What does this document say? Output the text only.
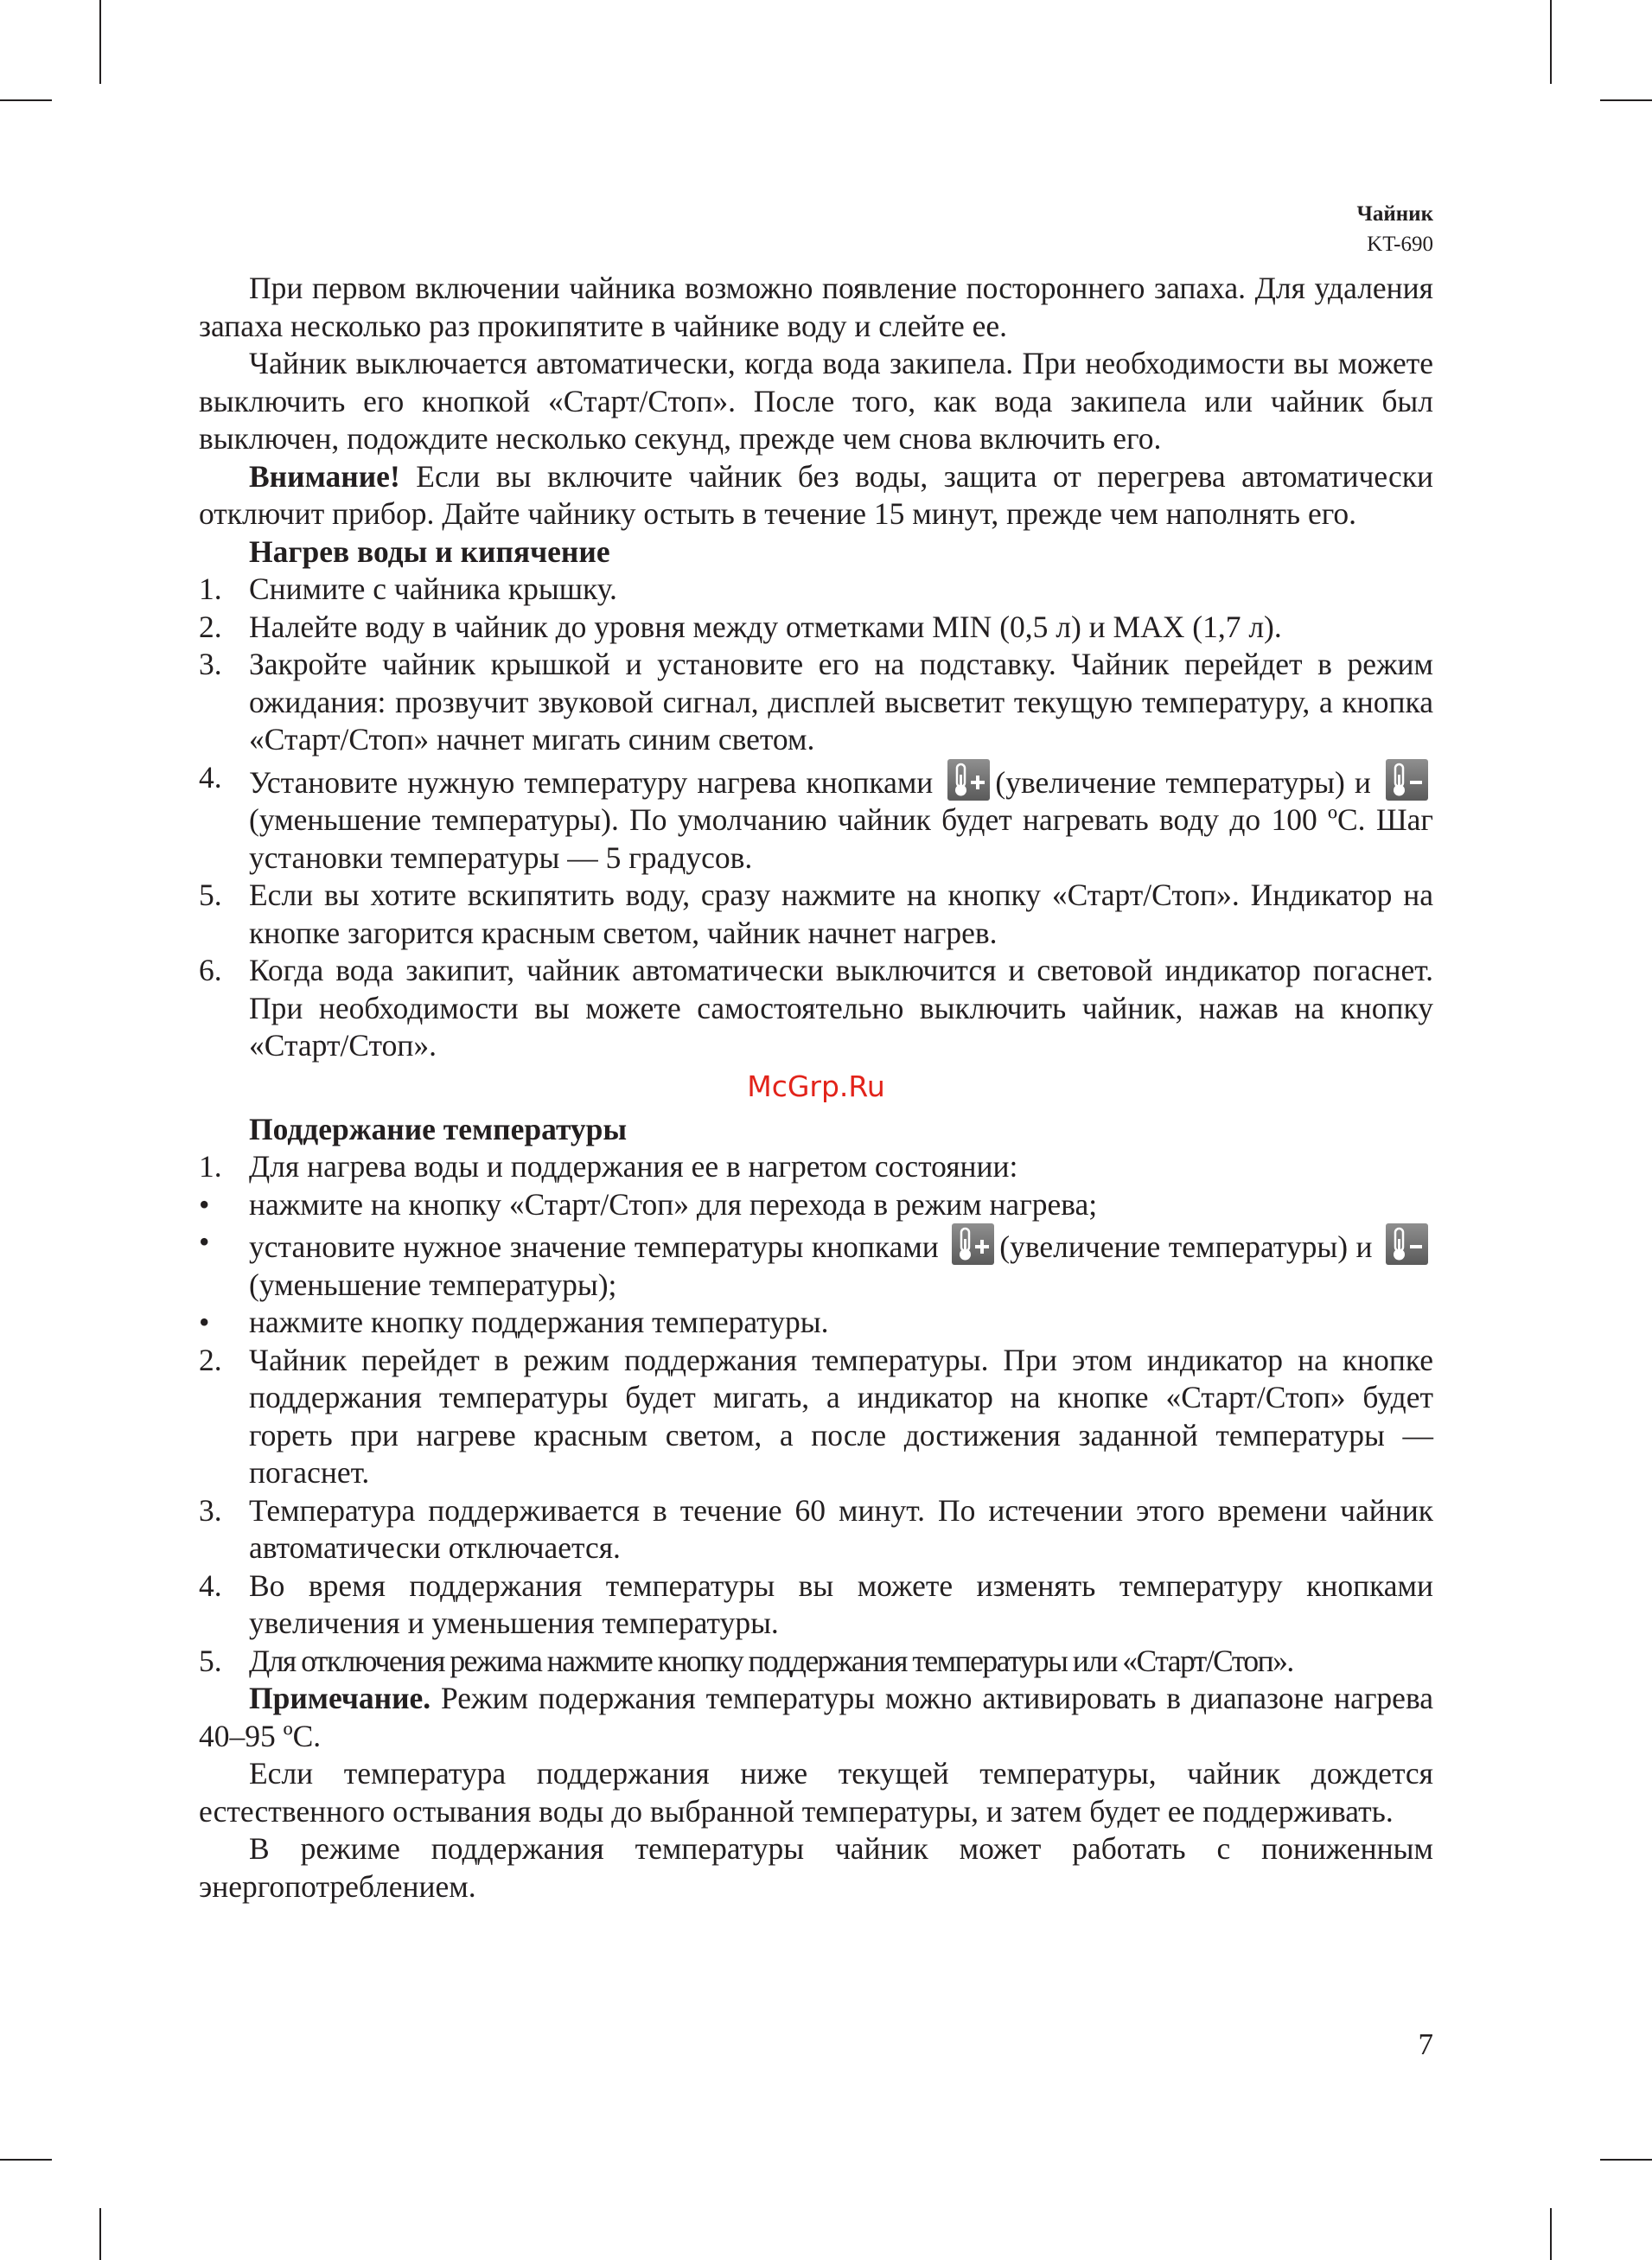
Чайник
KT-690

При первом включении чайника возможно появление постороннего запаха. Для удаления запаха несколько раз прокипятите в чайнике воду и слейте ее.

Чайник выключается автоматически, когда вода закипела. При необходимости вы можете выключить его кнопкой «Старт/Стоп». После того, как вода закипела или чайник был выключен, подождите несколько секунд, прежде чем снова включить его.

Внимание! Если вы включите чайник без воды, защита от перегрева автоматически отключит прибор. Дайте чайнику остыть в течение 15 минут, прежде чем наполнять его.

Нагрев воды и кипячение
1. Снимите с чайника крышку.
2. Налейте воду в чайник до уровня между отметками MIN (0,5 л) и MAX (1,7 л).
3. Закройте чайник крышкой и установите его на подставку. Чайник перейдет в режим ожидания: прозвучит звуковой сигнал, дисплей высветит текущую температуру, а кнопка «Старт/Стоп» начнет мигать синим светом.
4. Установите нужную температуру нагрева кнопками (увеличение температуры) и
(уменьшение температуры). По умолчанию чайник будет нагревать воду до 100 ºС. Шаг установки температуры — 5 градусов.
5. Если вы хотите вскипятить воду, сразу нажмите на кнопку «Старт/Стоп». Индикатор на кнопке загорится красным светом, чайник начнет нагрев.
6. Когда вода закипит, чайник автоматически выключится и световой индикатор погаснет. При необходимости вы можете самостоятельно выключить чайник, нажав на кнопку «Старт/Стоп».
McGrp.Ru
Поддержание температуры
1. Для нагрева воды и поддержания ее в нагретом состоянии:
• нажмите на кнопку «Старт/Стоп» для перехода в режим нагрева;
• установите нужное значение температуры кнопками (увеличение температуры) и
(уменьшение температуры);
• нажмите кнопку поддержания температуры.
2. Чайник перейдет в режим поддержания температуры. При этом индикатор на кнопке поддержания температуры будет мигать, а индикатор на кнопке «Старт/Стоп» будет гореть при нагреве красным светом, а после достижения заданной температуры — погаснет.
3. Температура поддерживается в течение 60 минут. По истечении этого времени чайник автоматически отключается.
4. Во время поддержания температуры вы можете изменять температуру кнопками увеличения и уменьшения температуры.
5. Для отключения режима нажмите кнопку поддержания температуры или «Старт/Стоп».

Примечание. Режим подержания температуры можно активировать в диапазоне нагрева 40–95 ºС.

Если температура поддержания ниже текущей температуры, чайник дождется естественного остывания воды до выбранной температуры, и затем будет ее поддерживать.

В режиме поддержания температуры чайник может работать с пониженным энергопотреблением.

7
